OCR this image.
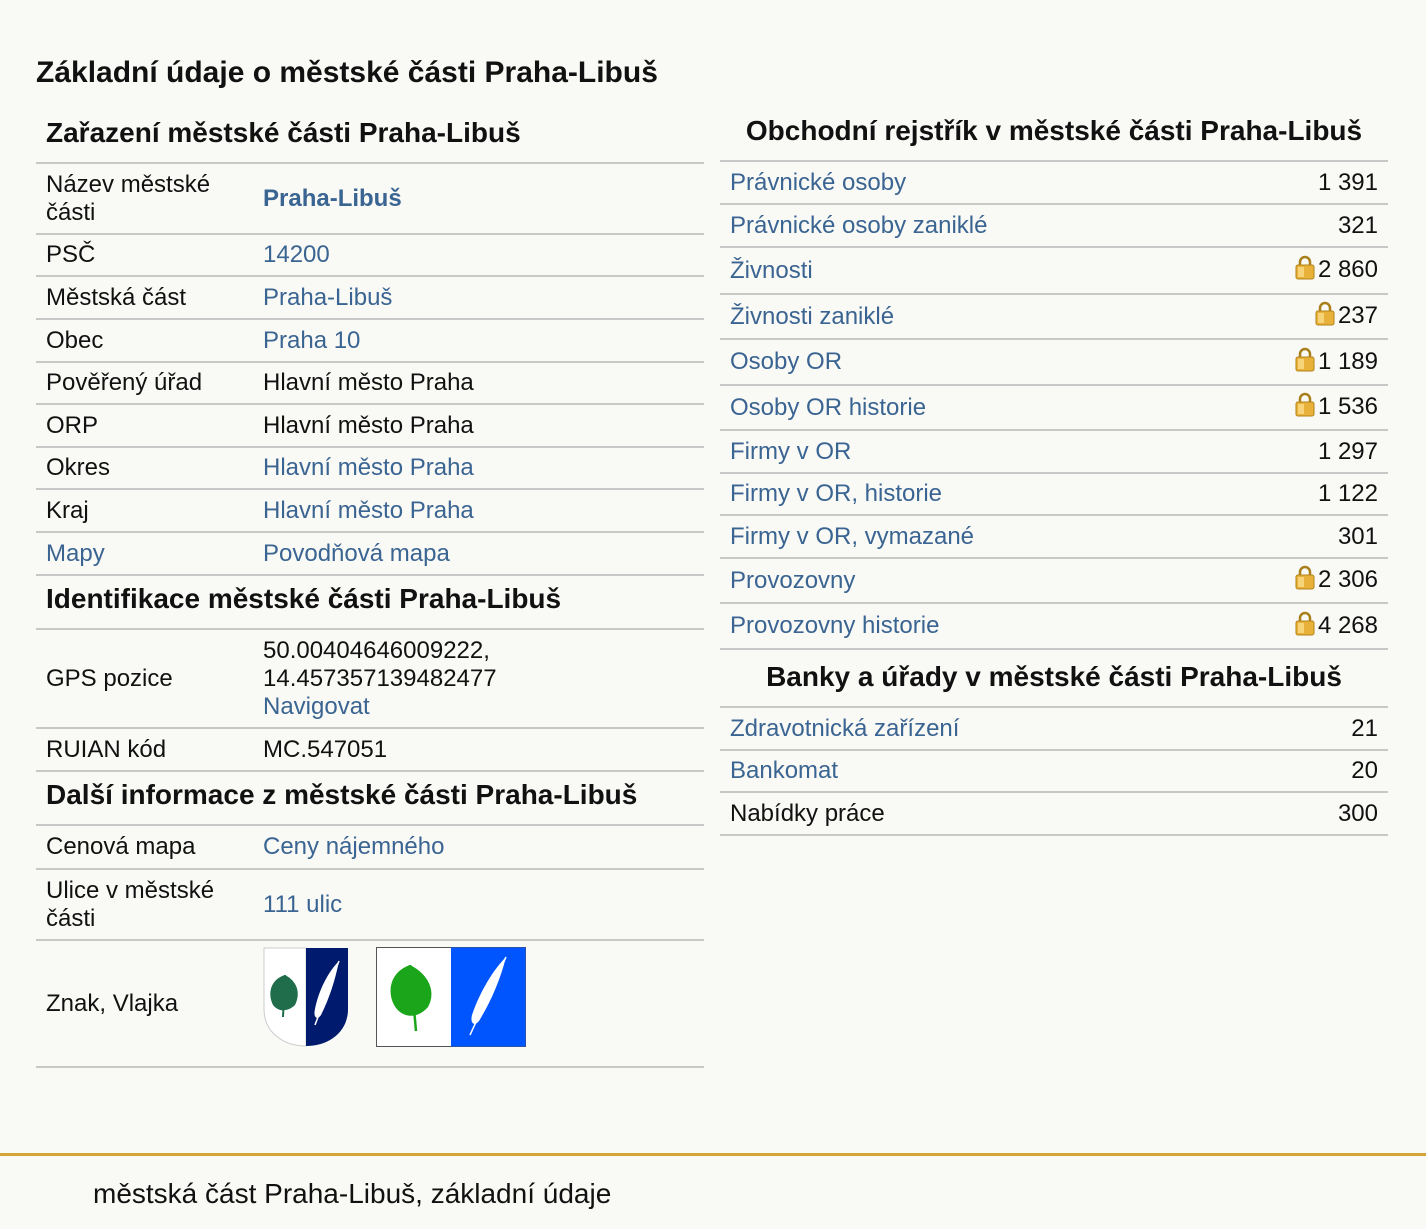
Základní údaje o městské části Praha-Libuš
Zařazení městské části Praha-Libuš
Název městské části	Praha-Libuš
PSČ	14200
Městská část	Praha-Libuš
Obec	Praha 10
Pověřený úřad	Hlavní město Praha
ORP	Hlavní město Praha
Okres	Hlavní město Praha
Kraj	Hlavní město Praha
Mapy	Povodňová mapa
Identifikace městské části Praha-Libuš
GPS pozice	50.00404646009222,
14.457357139482477
Navigovat
RUIAN kód	MC.547051
Další informace z městské části Praha-Libuš
Cenová mapa	Ceny nájemného
Ulice v městské části	111 ulic
Znak, Vlajka	
Obchodní rejstřík v městské části Praha-Libuš
Právnické osoby	1 391
Právnické osoby zaniklé	321
Živnosti	2 860
Živnosti zaniklé	237
Osoby OR	1 189
Osoby OR historie	1 536
Firmy v OR	1 297
Firmy v OR, historie	1 122
Firmy v OR, vymazané	301
Provozovny	2 306
Provozovny historie	4 268
Banky a úřady v městské části Praha-Libuš
Zdravotnická zařízení	21
Bankomat	20
Nabídky práce	300
městská část Praha-Libuš, základní údaje
